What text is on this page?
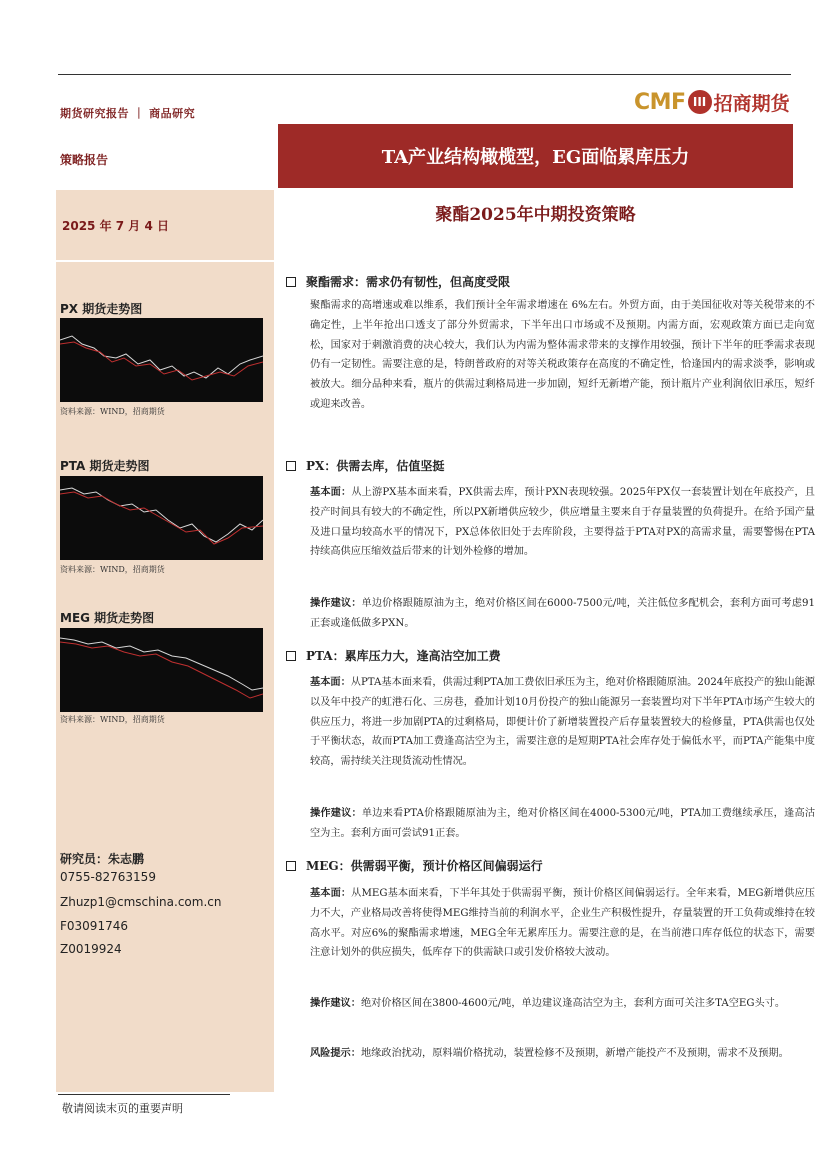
期货研究报告 ｜ 商品研究	CMF III 招商期货
策略报告
2025 年 7 月 4 日
TA产业结构橄榄型，EG面临累库压力
聚酯2025年中期投资策略
PX 期货走势图
资料来源：WIND，招商期货
PTA 期货走势图
资料来源：WIND，招商期货
MEG 期货走势图
资料来源：WIND，招商期货
研究员：朱志鹏
0755-82763159
Zhuzp1@cmschina.com.cn
F03091746
Z0019924
聚酯需求：需求仍有韧性，但高度受限
聚酯需求的高增速或难以维系，我们预计全年需求增速在 6%左右。外贸方面，由于美国征收对等关税带来的不确定性，上半年抢出口透支了部分外贸需求，下半年出口市场或不及预期。内需方面，宏观政策方面已走向宽松，国家对于刺激消费的决心较大，我们认为内需为整体需求带来的支撑作用较强，预计下半年的旺季需求表现仍有一定韧性。需要注意的是，特朗普政府的对等关税政策存在高度的不确定性，恰逢国内的需求淡季，影响或被放大。细分品种来看，瓶片的供需过剩格局进一步加剧，短纤无新增产能，预计瓶片产业利润依旧承压，短纤或迎来改善。
PX：供需去库，估值坚挺
基本面：从上游PX基本面来看，PX供需去库，预计PXN表现较强。2025年PX仅一套装置计划在年底投产，且投产时间具有较大的不确定性，所以PX新增供应较少，供应增量主要来自于存量装置的负荷提升。在给予国产量及进口量均较高水平的情况下，PX总体依旧处于去库阶段，主要得益于PTA对PX的高需求量，需要警惕在PTA持续高供应压缩效益后带来的计划外检修的增加。
操作建议：单边价格跟随原油为主，绝对价格区间在6000-7500元/吨，关注低位多配机会，套利方面可考虑91正套或逢低做多PXN。
PTA：累库压力大，逢高沽空加工费
基本面：从PTA基本面来看，供需过剩PTA加工费依旧承压为主，绝对价格跟随原油。2024年底投产的独山能源以及年中投产的虹港石化、三房巷，叠加计划10月份投产的独山能源另一套装置均对下半年PTA市场产生较大的供应压力，将进一步加剧PTA的过剩格局，即便计价了新增装置投产后存量装置较大的检修量，PTA供需也仅处于平衡状态，故而PTA加工费逢高沽空为主，需要注意的是短期PTA社会库存处于偏低水平，而PTA产能集中度较高，需持续关注现货流动性情况。
操作建议：单边来看PTA价格跟随原油为主，绝对价格区间在4000-5300元/吨，PTA加工费继续承压，逢高沽空为主。套利方面可尝试91正套。
MEG：供需弱平衡，预计价格区间偏弱运行
基本面：从MEG基本面来看，下半年其处于供需弱平衡，预计价格区间偏弱运行。全年来看，MEG新增供应压力不大，产业格局改善将使得MEG维持当前的利润水平，企业生产积极性提升，存量装置的开工负荷或维持在较高水平。对应6%的聚酯需求增速，MEG全年无累库压力。需要注意的是，在当前港口库存低位的状态下，需要注意计划外的供应损失，低库存下的供需缺口或引发价格较大波动。
操作建议：绝对价格区间在3800-4600元/吨，单边建议逢高沽空为主，套利方面可关注多TA空EG头寸。
风险提示：地缘政治扰动，原料端价格扰动，装置检修不及预期，新增产能投产不及预期，需求不及预期。
敬请阅读末页的重要声明
